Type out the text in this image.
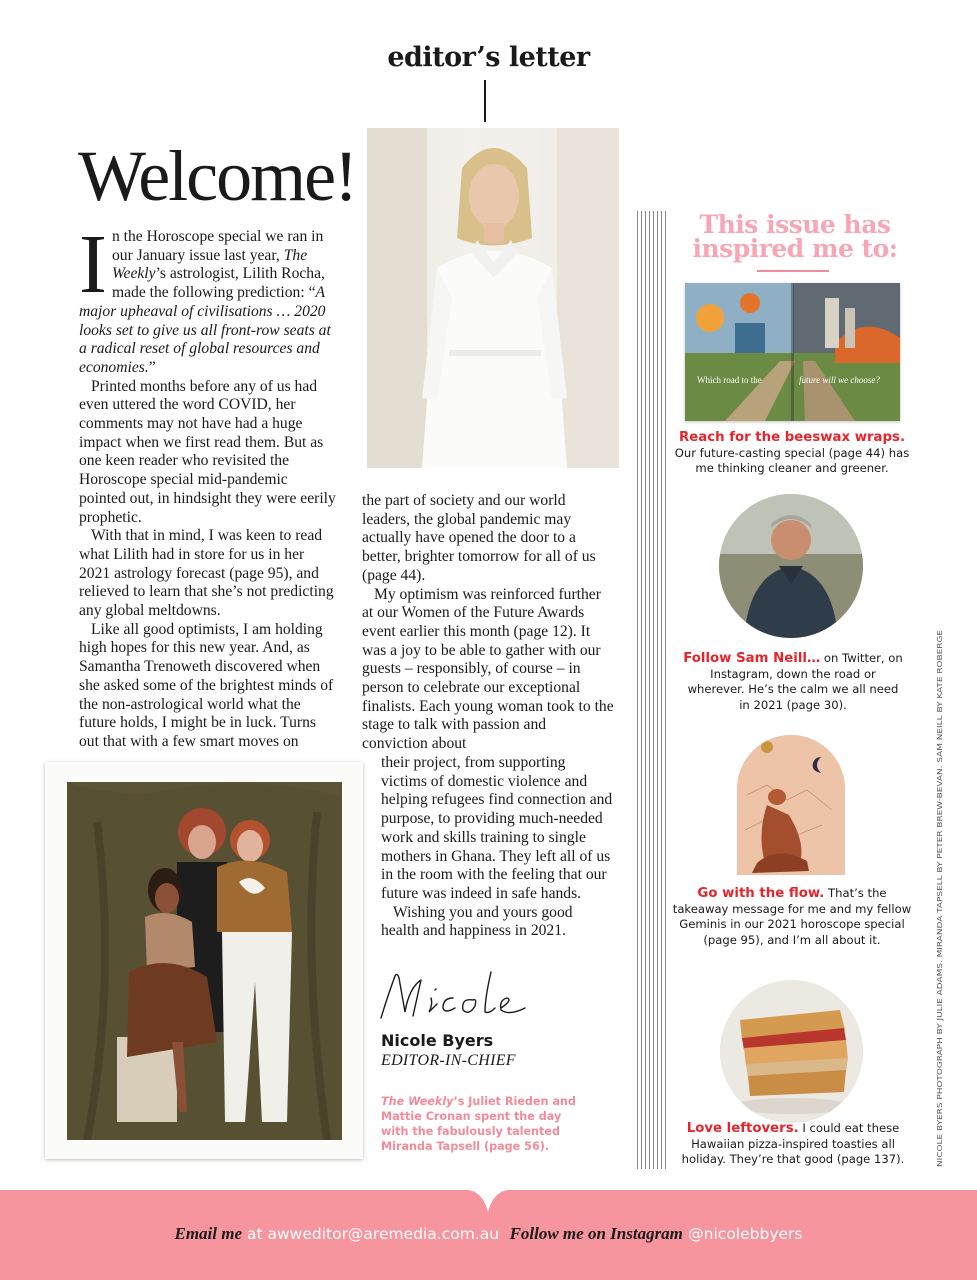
editor’s letter
Welcome!

In the Horoscope special we ran in our January issue last year, The Weekly’s astrologist, Lilith Rocha, made the following prediction: “A major upheaval of civilisations … 2020 looks set to give us all front-row seats at a radical reset of global resources and economies.”

Printed months before any of us had even uttered the word COVID, her comments may not have had a huge impact when we first read them. But as one keen reader who revisited the Horoscope special mid-pandemic pointed out, in hindsight they were eerily prophetic.

With that in mind, I was keen to read what Lilith had in store for us in her 2021 astrology forecast (page 95), and relieved to learn that she’s not predicting any global meltdowns.

Like all good optimists, I am holding high hopes for this new year. And, as Samantha Trenoweth discovered when she asked some of the brightest minds of the non-astrological world what the future holds, I might be in luck. Turns out that with a few smart moves on

the part of society and our world leaders, the global pandemic may actually have opened the door to a better, brighter tomorrow for all of us (page 44).

My optimism was reinforced further at our Women of the Future Awards event earlier this month (page 12). It was a joy to be able to gather with our guests – responsibly, of course – in person to celebrate our exceptional finalists. Each young woman took to the stage to talk with passion and conviction about

their project, from supporting victims of domestic violence and helping refugees find connection and purpose, to providing much-needed work and skills training to single mothers in Ghana. They left all of us in the room with the feeling that our future was indeed in safe hands.

Wishing you and yours good health and happiness in 2021.

Nicole Byers
EDITOR-IN-CHIEF
The Weekly’s Juliet Rieden and Mattie Cronan spent the day with the fabulously talented Miranda Tapsell (page 56).
This issue has
inspired me to:
Which road to the	future will we choose?
Reach for the beeswax wraps.
Our future-casting special (page 44) has me thinking cleaner and greener.
Follow Sam Neill… on Twitter, on Instagram, down the road or wherever. He’s the calm we all need in 2021 (page 30).
Go with the flow. That’s the takeaway message for me and my fellow Geminis in our 2021 horoscope special (page 95), and I’m all about it.
Love leftovers. I could eat these Hawaiian pizza-inspired toasties all holiday. They’re that good (page 137).	NICOLE BYERS PHOTOGRAPH BY JULIE ADAMS. MIRANDA TAPSELL BY PETER BREW-BEVAN. SAM NEILL BY KATE ROBERGE
Email me at awweditor@aremedia.com.au Follow me on Instagram @nicolebbyers
